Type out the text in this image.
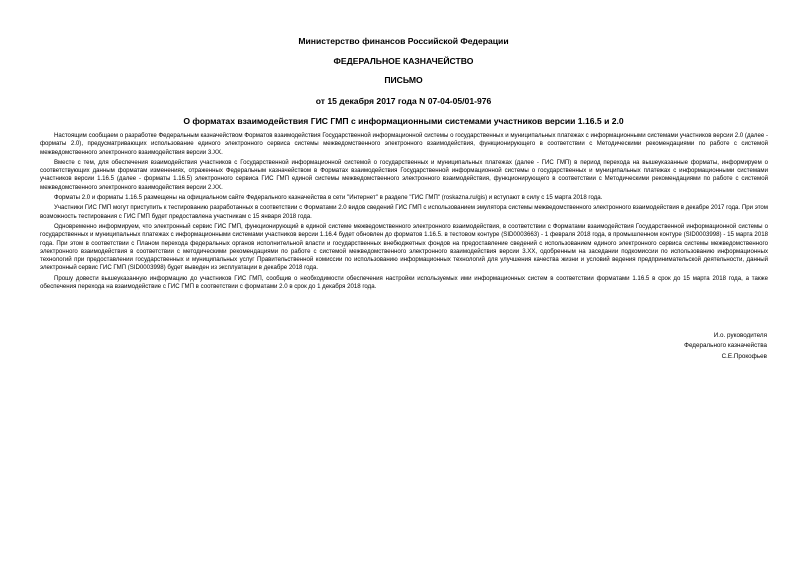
Министерство финансов Российской Федерации
ФЕДЕРАЛЬНОЕ КАЗНАЧЕЙСТВО
ПИСЬМО
от 15 декабря 2017 года N 07-04-05/01-976
О форматах взаимодействия ГИС ГМП с информационными системами участников версии 1.16.5 и 2.0

Настоящим сообщаем о разработке Федеральным казначейством Форматов взаимодействия Государственной информационной системы о государственных и муниципальных платежах с информационными системами участников версии 2.0 (далее - форматы 2.0), предусматривающих использование единого электронного сервиса системы межведомственного электронного взаимодействия, функционирующего в соответствии с Методическими рекомендациями по работе с системой межведомственного электронного взаимодействия версии 3.ХХ.

Вместе с тем, для обеспечения взаимодействия участников с Государственной информационной системой о государственных и муниципальных платежах (далее - ГИС ГМП) в период перехода на вышеуказанные форматы, информируем о соответствующих данным форматам изменениях, отраженных Федеральным казначейством в Форматах взаимодействия Государственной информационной системы о государственных и муниципальных платежах с информационными системами участников версии 1.16.5 (далее - форматы 1.16.5) электронного сервиса ГИС ГМП единой системы межведомственного электронного взаимодействия, функционирующего в соответствии с Методическими рекомендациями по работе с системой межведомственного электронного взаимодействия версии 2.ХХ.

Форматы 2.0 и форматы 1.16.5 размещены на официальном сайте Федерального казначейства в сети "Интернет" в разделе "ГИС ГМП" (roskazna.ru/gis) и вступают в силу с 15 марта 2018 года.

Участники ГИС ГМП могут приступить к тестированию разработанных в соответствии с Форматами 2.0 видов сведений ГИС ГМП с использованием эмулятора системы межведомственного электронного взаимодействия в декабре 2017 года. При этом возможность тестирования с ГИС ГМП будет предоставлена участникам с 15 января 2018 года.

Одновременно информируем, что электронный сервис ГИС ГМП, функционирующий в единой системе межведомственного электронного взаимодействия, в соответствии с Форматами взаимодействия Государственной информационной системы о государственных и муниципальных платежах с информационными системами участников версии 1.16.4 будет обновлен до форматов 1.16.5. в тестовом контуре (SID0003663) - 1 февраля 2018 года, в промышленном контуре (SID0003998) - 15 марта 2018 года. При этом в соответствии с Планом перехода федеральных органов исполнительной власти и государственных внебюджетных фондов на предоставление сведений с использованием единого электронного сервиса системы межведомственного электронного взаимодействия в соответствии с методическими рекомендациями по работе с системой межведомственного электронного взаимодействия версии 3.ХХ, одобренным на заседании подкомиссии по использованию информационных технологий при предоставлении государственных и муниципальных услуг Правительственной комиссии по использованию информационных технологий для улучшения качества жизни и условий ведения предпринимательской деятельности, данный электронный сервис ГИС ГМП (SID0003998) будет выведен из эксплуатации в декабре 2018 года.

Прошу довести вышеуказанную информацию до участников ГИС ГМП, сообщив о необходимости обеспечения настройки используемых ими информационных систем в соответствии форматами 1.16.5 в срок до 15 марта 2018 года, а также обеспечения перехода на взаимодействие с ГИС ГМП в соответствии с форматами 2.0 в срок до 1 декабря 2018 года.

И.о. руководителя
Федерального казначейства
С.Е.Прокофьев
